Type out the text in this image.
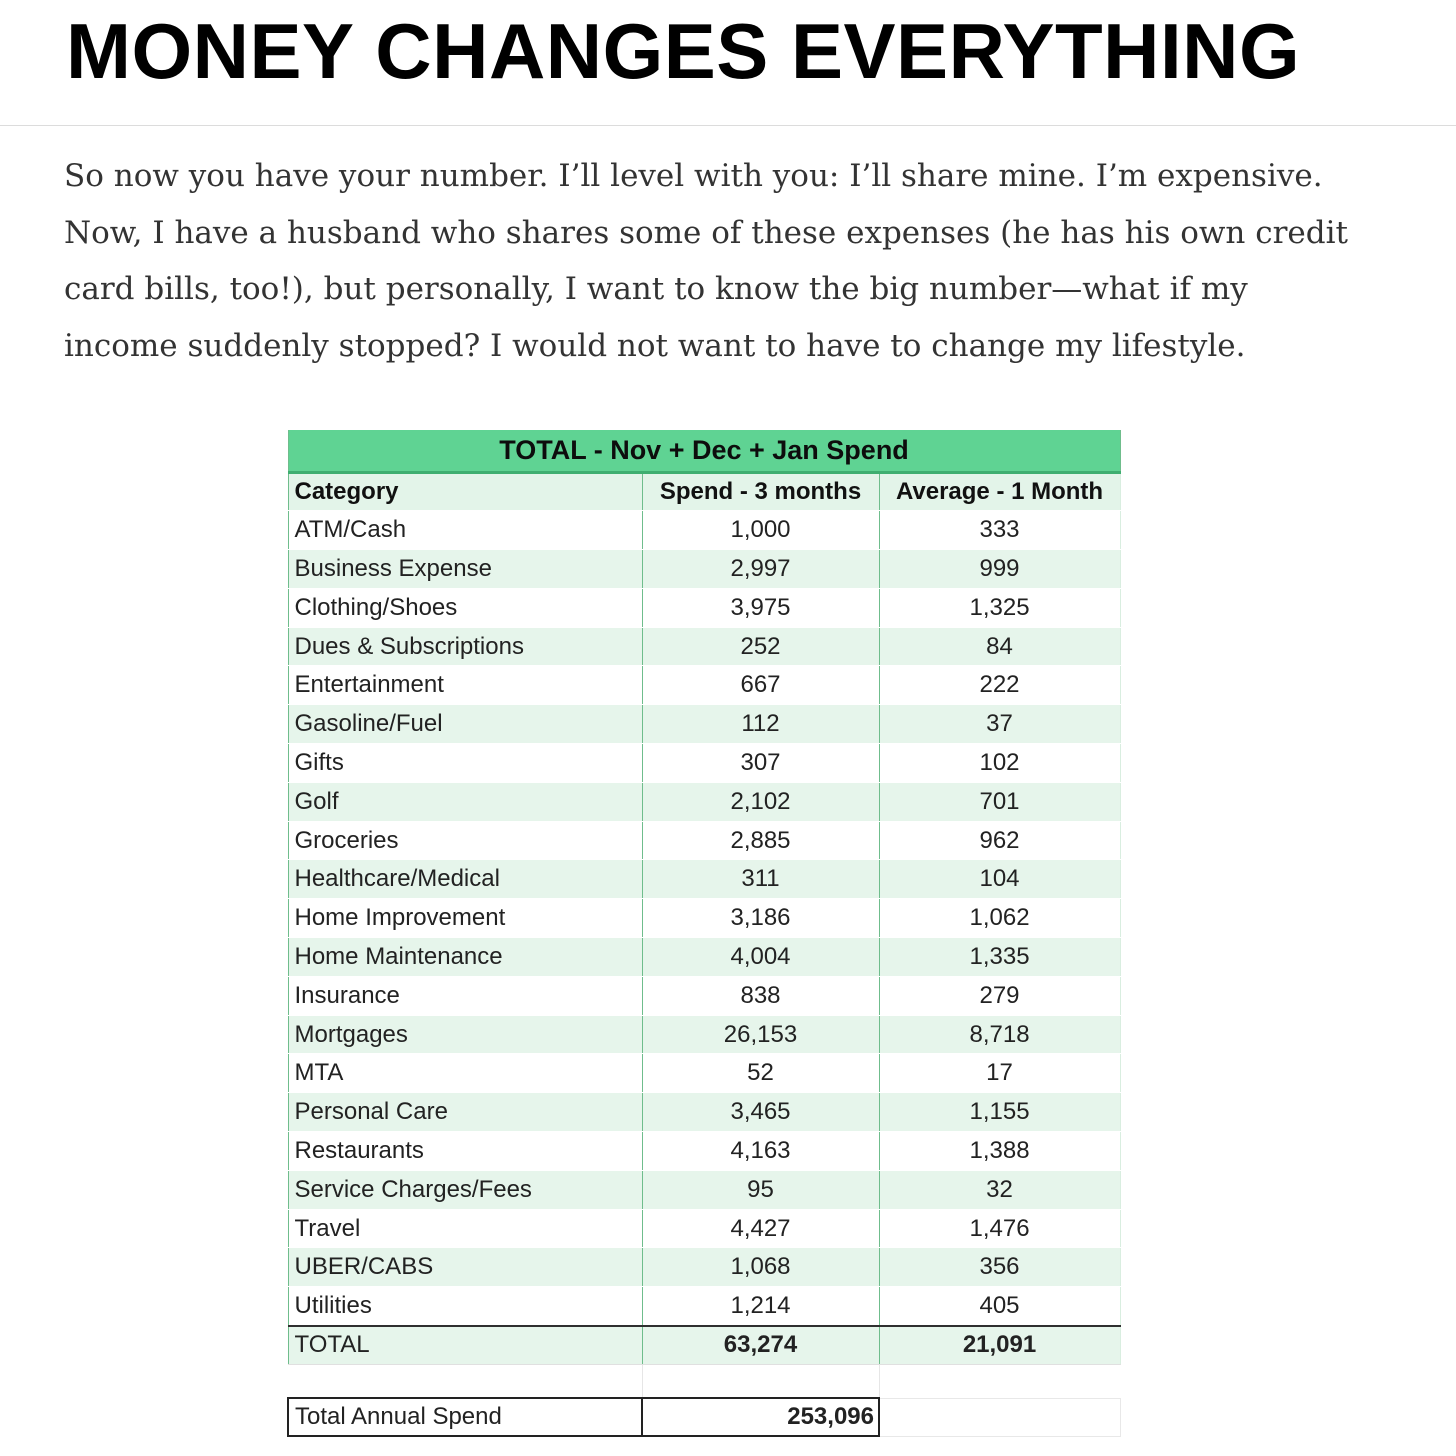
MONEY CHANGES EVERYTHING

So now you have your number. I’ll level with you: I’ll share mine. I’m expensive.
Now, I have a husband who shares some of these expenses (he has his own credit
card bills, too!), but personally, I want to know the big number—what if my
income suddenly stopped? I would not want to have to change my lifestyle.

TOTAL - Nov + Dec + Jan Spend		
Category	Spend - 3 months	Average - 1 Month
ATM/Cash	1,000	333
Business Expense	2,997	999
Clothing/Shoes	3,975	1,325
Dues & Subscriptions	252	84
Entertainment	667	222
Gasoline/Fuel	112	37
Gifts	307	102
Golf	2,102	701
Groceries	2,885	962
Healthcare/Medical	311	104
Home Improvement	3,186	1,062
Home Maintenance	4,004	1,335
Insurance	838	279
Mortgages	26,153	8,718
MTA	52	17
Personal Care	3,465	1,155
Restaurants	4,163	1,388
Service Charges/Fees	95	32
Travel	4,427	1,476
UBER/CABS	1,068	356
Utilities	1,214	405
TOTAL	63,274	21,091

Total Annual Spend	253,096	
